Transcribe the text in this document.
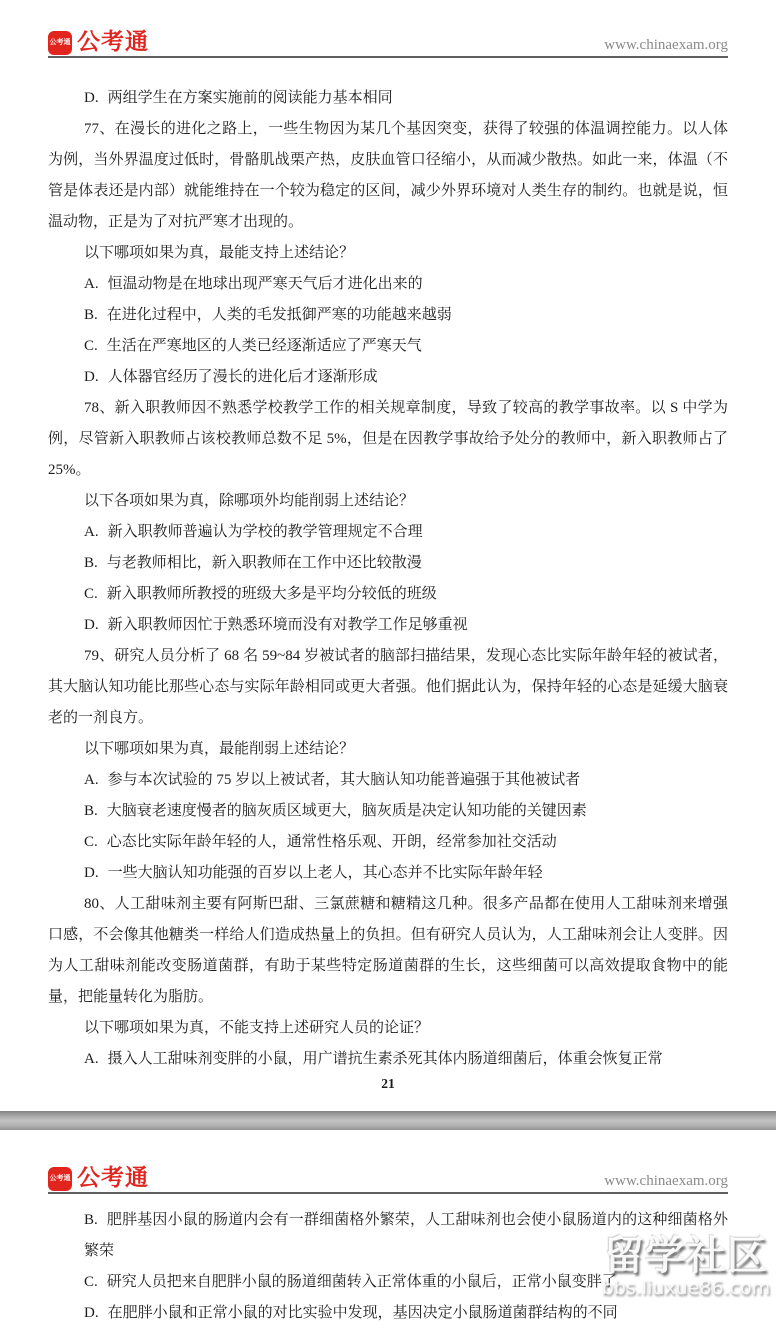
公考通 公考通	www.chinaexam.org

D. 两组学生在方案实施前的阅读能力基本相同

77、在漫长的进化之路上，一些生物因为某几个基因突变，获得了较强的体温调控能力。以人体为例，当外界温度过低时，骨骼肌战栗产热，皮肤血管口径缩小，从而减少散热。如此一来，体温（不管是体表还是内部）就能维持在一个较为稳定的区间，减少外界环境对人类生存的制约。也就是说，恒温动物，正是为了对抗严寒才出现的。

以下哪项如果为真，最能支持上述结论？

A. 恒温动物是在地球出现严寒天气后才进化出来的

B. 在进化过程中，人类的毛发抵御严寒的功能越来越弱

C. 生活在严寒地区的人类已经逐渐适应了严寒天气

D. 人体器官经历了漫长的进化后才逐渐形成

78、新入职教师因不熟悉学校教学工作的相关规章制度，导致了较高的教学事故率。以 S 中学为例，尽管新入职教师占该校教师总数不足 5%，但是在因教学事故给予处分的教师中，新入职教师占了 25%。

以下各项如果为真，除哪项外均能削弱上述结论？

A. 新入职教师普遍认为学校的教学管理规定不合理

B. 与老教师相比，新入职教师在工作中还比较散漫

C. 新入职教师所教授的班级大多是平均分较低的班级

D. 新入职教师因忙于熟悉环境而没有对教学工作足够重视

79、研究人员分析了 68 名 59~84 岁被试者的脑部扫描结果，发现心态比实际年龄年轻的被试者，其大脑认知功能比那些心态与实际年龄相同或更大者强。他们据此认为，保持年轻的心态是延缓大脑衰老的一剂良方。

以下哪项如果为真，最能削弱上述结论？

A. 参与本次试验的 75 岁以上被试者，其大脑认知功能普遍强于其他被试者

B. 大脑衰老速度慢者的脑灰质区域更大，脑灰质是决定认知功能的关键因素

C. 心态比实际年龄年轻的人，通常性格乐观、开朗，经常参加社交活动

D. 一些大脑认知功能强的百岁以上老人，其心态并不比实际年龄年轻

80、人工甜味剂主要有阿斯巴甜、三氯蔗糖和糖精这几种。很多产品都在使用人工甜味剂来增强口感，不会像其他糖类一样给人们造成热量上的负担。但有研究人员认为，人工甜味剂会让人变胖。因为人工甜味剂能改变肠道菌群，有助于某些特定肠道菌群的生长，这些细菌可以高效提取食物中的能量，把能量转化为脂肪。

以下哪项如果为真，不能支持上述研究人员的论证？

A. 摄入人工甜味剂变胖的小鼠，用广谱抗生素杀死其体内肠道细菌后，体重会恢复正常

21
公考通 公考通	www.chinaexam.org

B. 肥胖基因小鼠的肠道内会有一群细菌格外繁荣，人工甜味剂也会使小鼠肠道内的这种细菌格外繁荣

C. 研究人员把来自肥胖小鼠的肠道细菌转入正常体重的小鼠后，正常小鼠变胖了

D. 在肥胖小鼠和正常小鼠的对比实验中发现，基因决定小鼠肠道菌群结构的不同

留学社区
bbs.liuxue86.com
